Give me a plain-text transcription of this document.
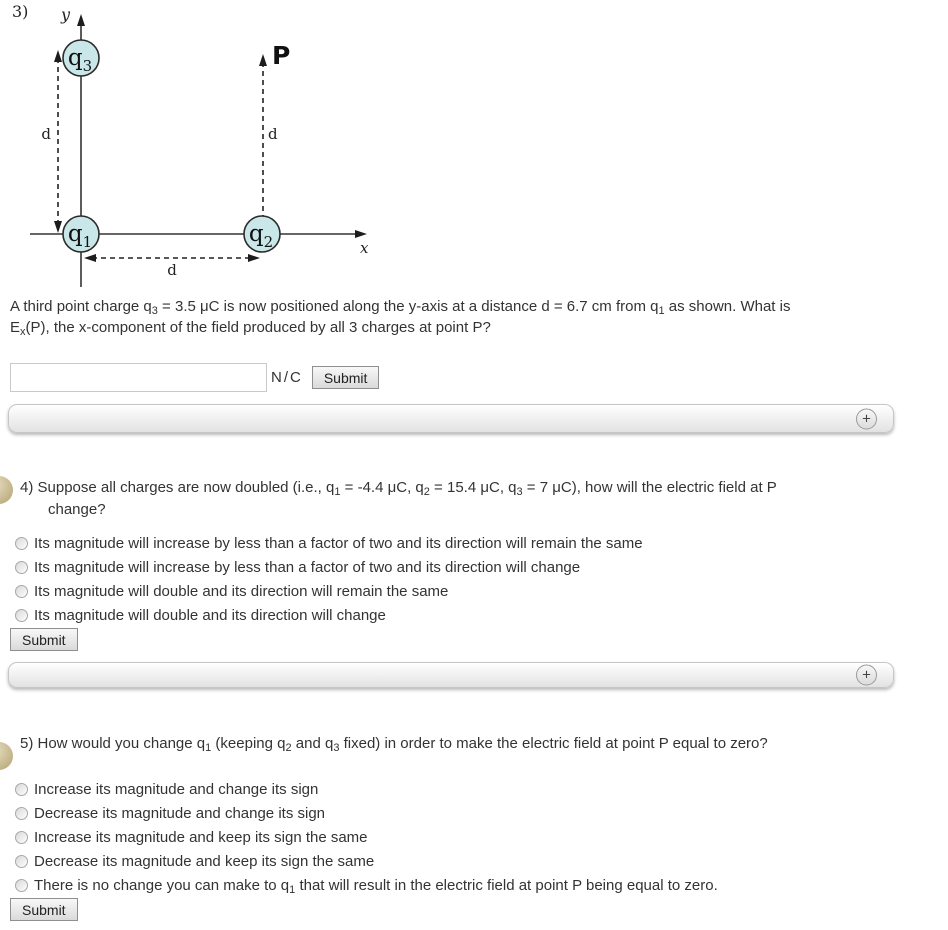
3) y
x
d
P
d
d
$q_3$
$q_1$	$q_2$
A third point charge $q_3 = 3.5$ μC is now positioned along the y-axis at a distance d = 6.7 cm from $q_1$ as shown. What is
$E_x(P)$, the x-component of the field produced by all 3 charges at point P?
N/C	Submit
+
4) Suppose all charges are now doubled (i.e., $q_1 = -4.4$ μC, $q_2 = 15.4$ μC, $q_3 = 7$ μC), how will the electric field at P
change?
Its magnitude will increase by less than a factor of two and its direction will remain the same
Its magnitude will increase by less than a factor of two and its direction will change
Its magnitude will double and its direction will remain the same
Its magnitude will double and its direction will change
Submit
+
5) How would you change $q_1$ (keeping $q_2$ and $q_3$ fixed) in order to make the electric field at point P equal to zero?
Increase its magnitude and change its sign
Decrease its magnitude and change its sign
Increase its magnitude and keep its sign the same
Decrease its magnitude and keep its sign the same
There is no change you can make to $q_1$ that will result in the electric field at point P being equal to zero.
Submit
